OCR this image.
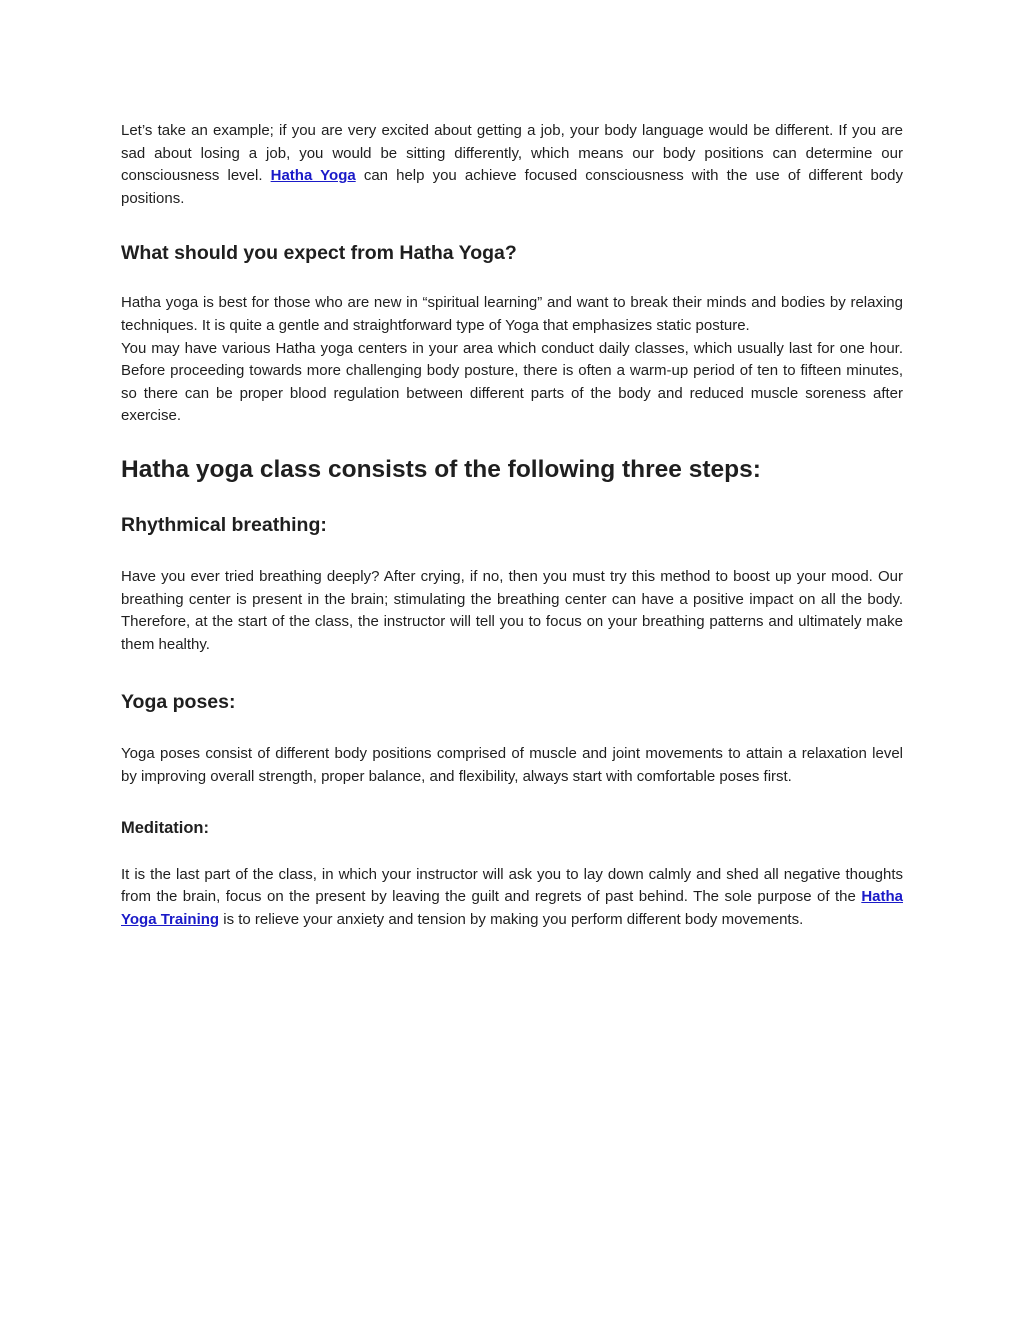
Let’s take an example; if you are very excited about getting a job, your body language would be different. If you are sad about losing a job, you would be sitting differently, which means our body positions can determine our consciousness level. Hatha Yoga can help you achieve focused consciousness with the use of different body positions.

What should you expect from Hatha Yoga?

Hatha yoga is best for those who are new in “spiritual learning” and want to break their minds and bodies by relaxing techniques. It is quite a gentle and straightforward type of Yoga that emphasizes static posture.

You may have various Hatha yoga centers in your area which conduct daily classes, which usually last for one hour. Before proceeding towards more challenging body posture, there is often a warm-up period of ten to fifteen minutes, so there can be proper blood regulation between different parts of the body and reduced muscle soreness after exercise.

Hatha yoga class consists of the following three steps:
Rhythmical breathing:

Have you ever tried breathing deeply? After crying, if no, then you must try this method to boost up your mood. Our breathing center is present in the brain; stimulating the breathing center can have a positive impact on all the body. Therefore, at the start of the class, the instructor will tell you to focus on your breathing patterns and ultimately make them healthy.

Yoga poses:

Yoga poses consist of different body positions comprised of muscle and joint movements to attain a relaxation level by improving overall strength, proper balance, and flexibility, always start with comfortable poses first.

Meditation:

It is the last part of the class, in which your instructor will ask you to lay down calmly and shed all negative thoughts from the brain, focus on the present by leaving the guilt and regrets of past behind. The sole purpose of the Hatha Yoga Training is to relieve your anxiety and tension by making you perform different body movements.
